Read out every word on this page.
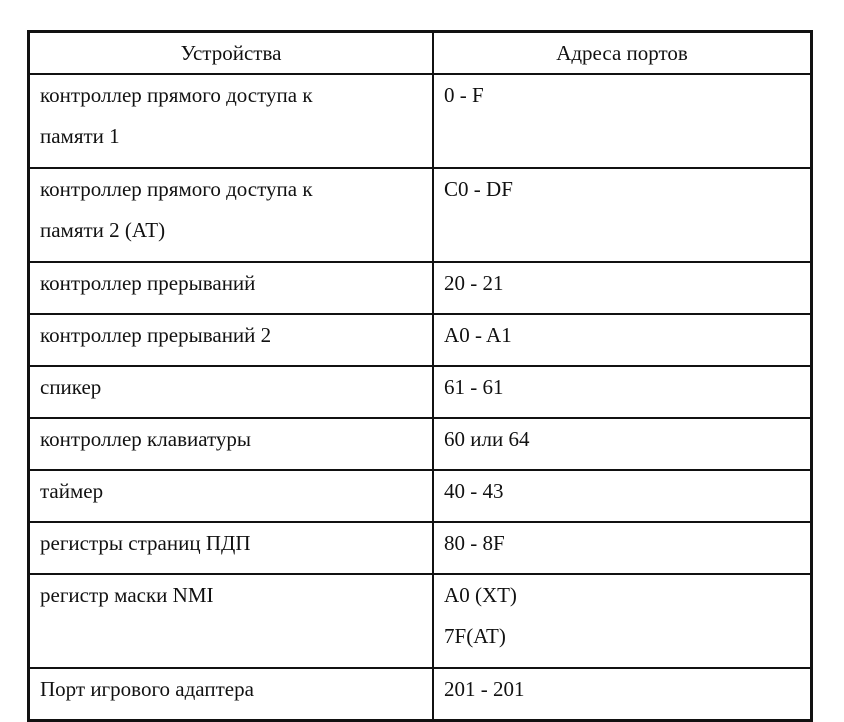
Устройства	Адреса портов

контроллер прямого доступа к
памяти 1	0 - F

контроллер прямого доступа к
памяти 2 (АТ)	C0 - DF

контроллер прерываний	20 - 21
контроллер прерываний 2	A0 - A1
спикер	61 - 61
контроллер клавиатуры	60 или 64
таймер	40 - 43
регистры страниц ПДП	80 - 8F

регистр маски NMI	A0 (XT)
7F(AT)

Порт игрового адаптера	201 - 201
